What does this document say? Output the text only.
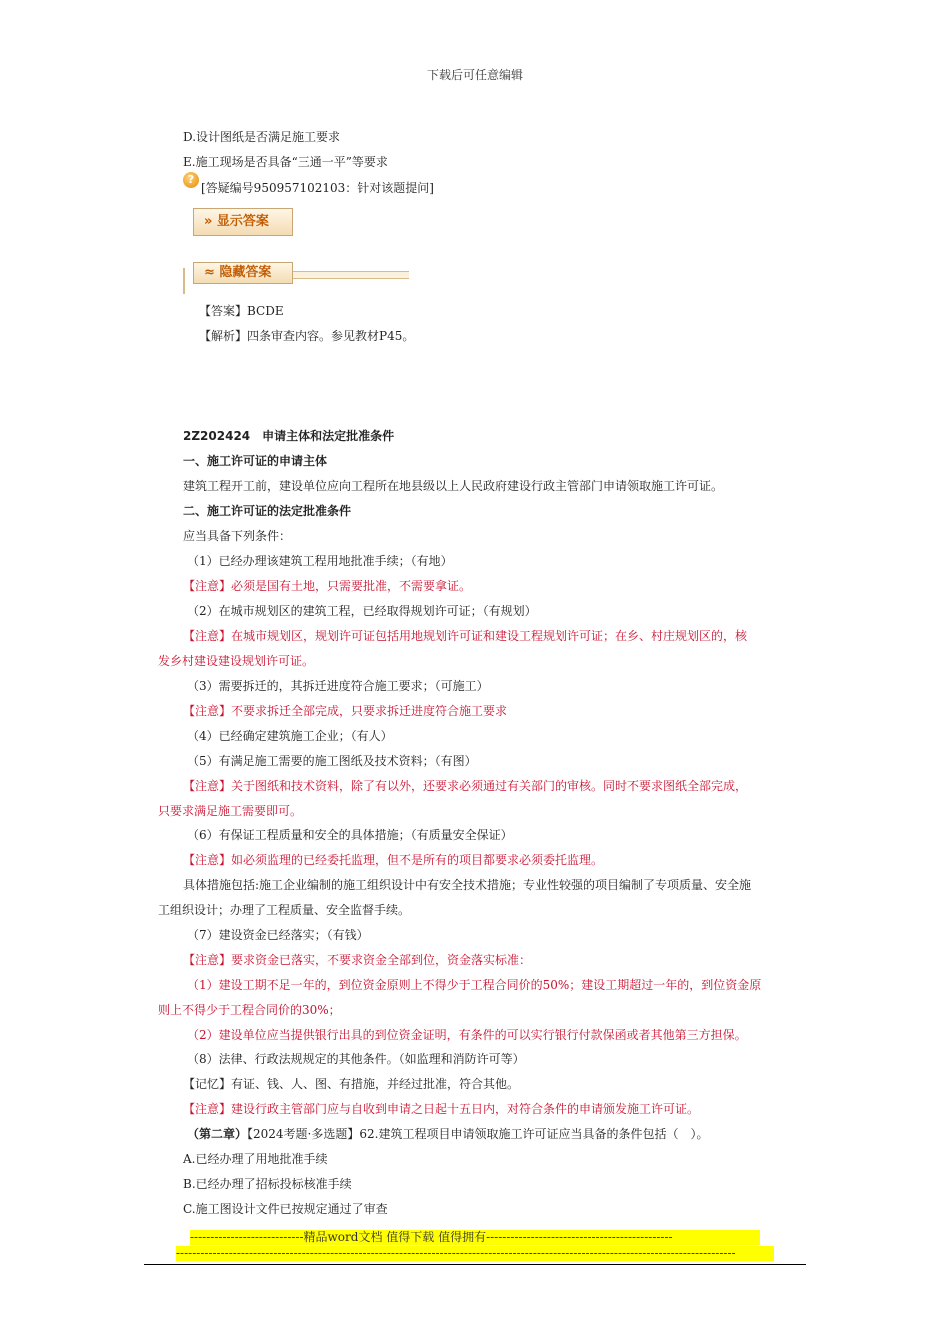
下载后可任意编辑
D.设计图纸是否满足施工要求
E.施工现场是否具备“三通一平”等要求
?
[答疑编号950957102103：针对该题提问]
» 显示答案
≈ 隐藏答案
【答案】BCDE
【解析】四条审查内容。参见教材P45。
2Z202424　申请主体和法定批准条件
一、施工许可证的申请主体
建筑工程开工前，建设单位应向工程所在地县级以上人民政府建设行政主管部门申请领取施工许可证。
二、施工许可证的法定批准条件
应当具备下列条件：
（1）已经办理该建筑工程用地批准手续；（有地）
【注意】必须是国有土地，只需要批准，不需要拿证。
（2）在城市规划区的建筑工程，已经取得规划许可证；（有规划）
【注意】在城市规划区，规划许可证包括用地规划许可证和建设工程规划许可证；在乡、村庄规划区的，核
发乡村建设建设规划许可证。
（3）需要拆迁的，其拆迁进度符合施工要求；（可施工）
【注意】不要求拆迁全部完成，只要求拆迁进度符合施工要求
（4）已经确定建筑施工企业；（有人）
（5）有满足施工需要的施工图纸及技术资料；（有图）
【注意】关于图纸和技术资料，除了有以外，还要求必须通过有关部门的审核。同时不要求图纸全部完成，
只要求满足施工需要即可。
（6）有保证工程质量和安全的具体措施；（有质量安全保证）
【注意】如必须监理的已经委托监理，但不是所有的项目都要求必须委托监理。
具体措施包括:施工企业编制的施工组织设计中有安全技术措施；专业性较强的项目编制了专项质量、安全施
工组织设计；办理了工程质量、安全监督手续。
（7）建设资金已经落实；（有钱）
【注意】要求资金已落实，不要求资金全部到位，资金落实标准：
（1）建设工期不足一年的，到位资金原则上不得少于工程合同价的50%；建设工期超过一年的，到位资金原
则上不得少于工程合同价的30%；
（2）建设单位应当提供银行出具的到位资金证明，有条件的可以实行银行付款保函或者其他第三方担保。
（8）法律、行政法规规定的其他条件。（如监理和消防许可等）
【记忆】有证、钱、人、图、有措施，并经过批准，符合其他。
【注意】建设行政主管部门应与自收到申请之日起十五日内，对符合条件的申请颁发施工许可证。
（第二章）【2024考题·多选题】62.建筑工程项目申请领取施工许可证应当具备的条件包括（　）。
A.已经办理了用地批准手续
B.已经办理了招标投标核准手续
C.施工图设计文件已按规定通过了审查
----------------------------精品word文档 值得下载 值得拥有----------------------------------------------
------------------------------------------------------------------------------------------------------------------------------------------
